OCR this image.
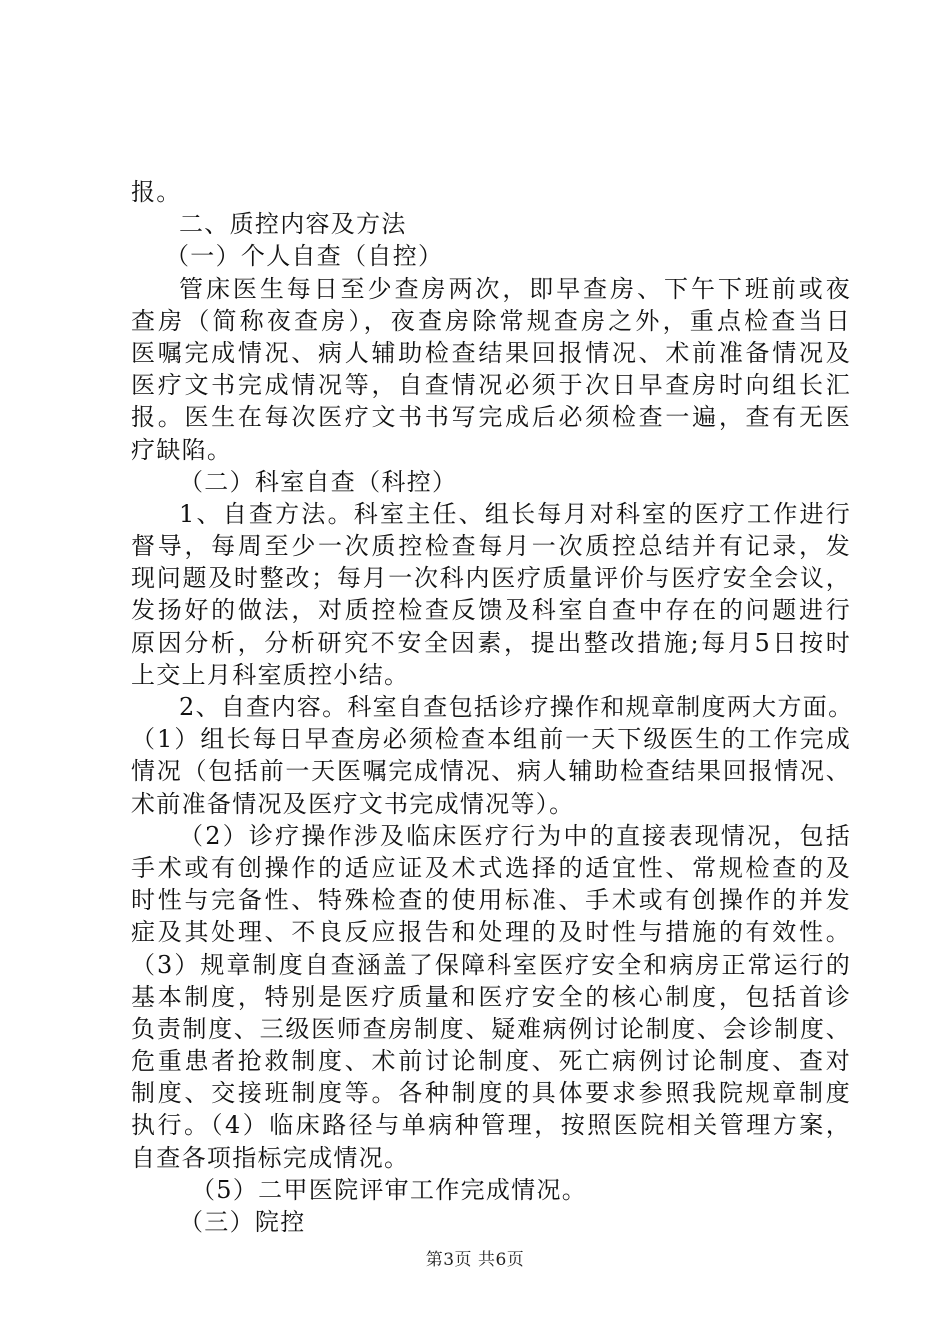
报。
二、质控内容及方法
（一）个人自查（自控）
管床医生每日至少查房两次，即早查房、下午下班前或夜
查房（简称夜查房），夜查房除常规查房之外，重点检查当日
医嘱完成情况、病人辅助检查结果回报情况、术前准备情况及
医疗文书完成情况等，自查情况必须于次日早查房时向组长汇
报。医生在每次医疗文书书写完成后必须检查一遍，查有无医
疗缺陷。
（二）科室自查（科控）
1、自查方法。科室主任、组长每月对科室的医疗工作进行
督导，每周至少一次质控检查每月一次质控总结并有记录，发
现问题及时整改；每月一次科内医疗质量评价与医疗安全会议，
发扬好的做法，对质控检查反馈及科室自查中存在的问题进行
原因分析，分析研究不安全因素，提出整改措施;每月5日按时
上交上月科室质控小结。
2、自查内容。科室自查包括诊疗操作和规章制度两大方面。
（1）组长每日早查房必须检查本组前一天下级医生的工作完成
情况（包括前一天医嘱完成情况、病人辅助检查结果回报情况、
术前准备情况及医疗文书完成情况等）。
（2）诊疗操作涉及临床医疗行为中的直接表现情况，包括
手术或有创操作的适应证及术式选择的适宜性、常规检查的及
时性与完备性、特殊检查的使用标准、手术或有创操作的并发
症及其处理、不良反应报告和处理的及时性与措施的有效性。
（3）规章制度自查涵盖了保障科室医疗安全和病房正常运行的
基本制度，特别是医疗质量和医疗安全的核心制度，包括首诊
负责制度、三级医师查房制度、疑难病例讨论制度、会诊制度、
危重患者抢救制度、术前讨论制度、死亡病例讨论制度、查对
制度、交接班制度等。各种制度的具体要求参照我院规章制度
执行。（4）临床路径与单病种管理，按照医院相关管理方案，
自查各项指标完成情况。
（5）二甲医院评审工作完成情况。
（三）院控
第3页 共6页
